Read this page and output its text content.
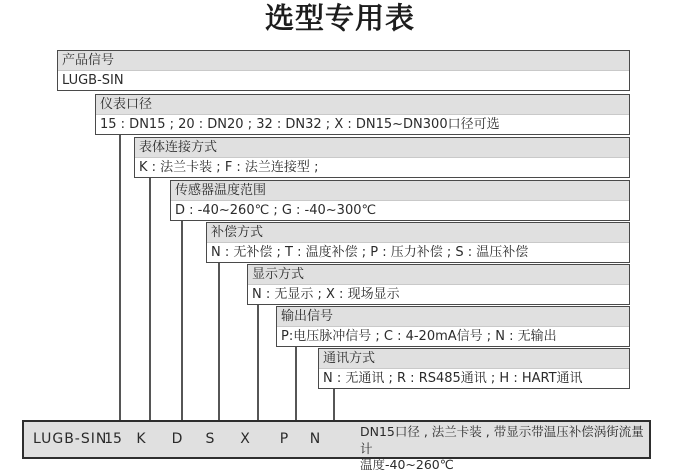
选型专用表
产品信号
LUGB-SIN
仪表口径
15 : DN15 ; 20 : DN20 ; 32 : DN32 ; X : DN15~DN300口径可选
表体连接方式
K : 法兰卡装 ; F : 法兰连接型 ;
传感器温度范围
D : -40~260℃ ; G : -40~300℃
补偿方式
N : 无补偿 ; T : 温度补偿 ; P : 压力补偿 ; S : 温压补偿
显示方式
N : 无显示 ; X : 现场显示
输出信号
P:电压脉冲信号 ; C : 4-20mA信号 ; N : 无输出
通讯方式
N : 无通讯 ; R : RS485通讯 ; H : HART通讯
LUGB-SIN
15 K D S X P N	DN15口径 , 法兰卡装 , 带显示带温压补偿涡街流量计
温度-40~260℃
